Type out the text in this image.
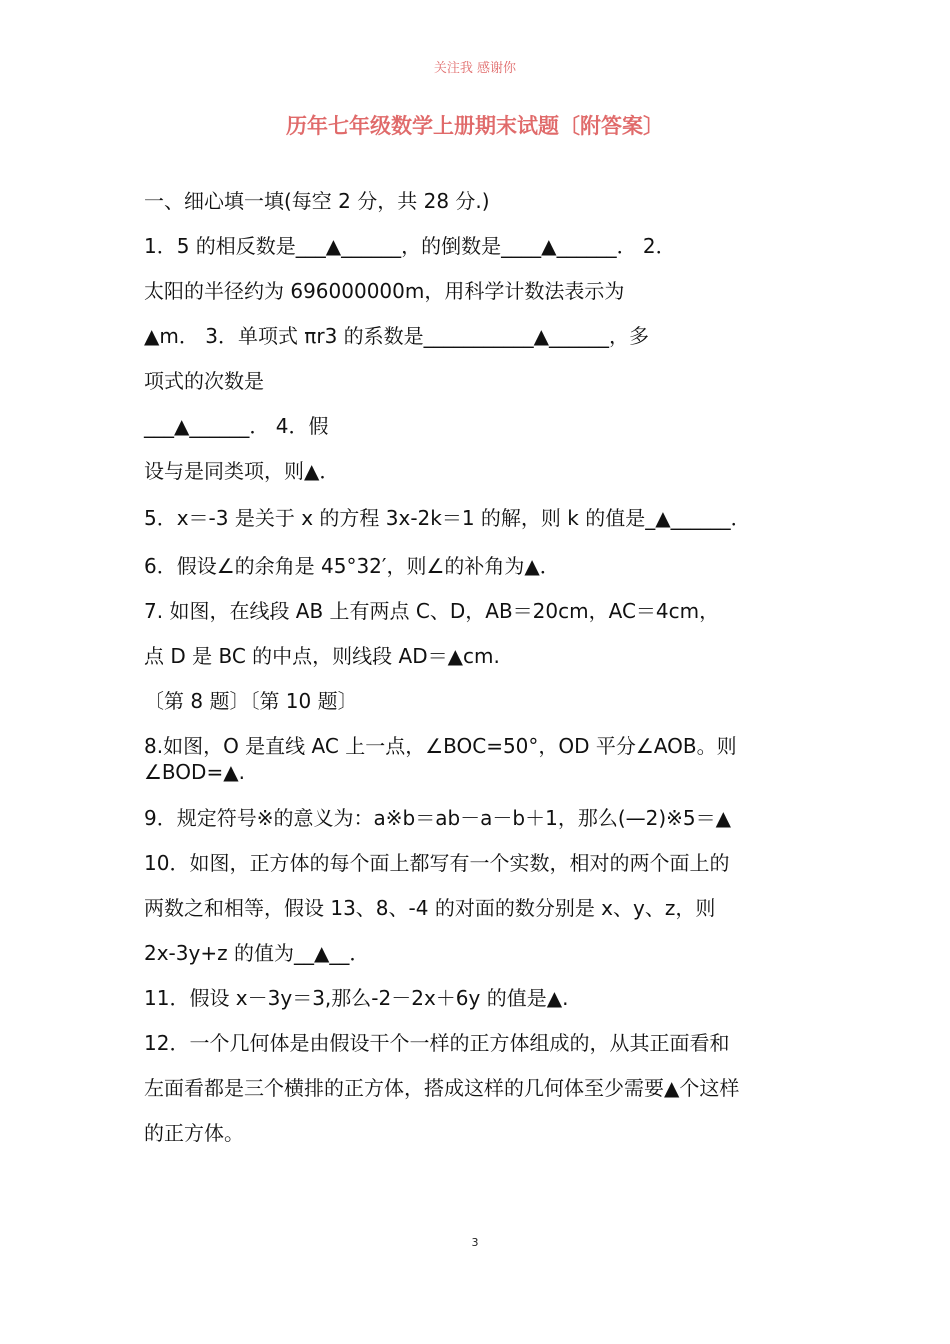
关注我 感谢你
历年七年级数学上册期末试题〔附答案〕
一、细心填一填(每空 2 分，共 28 分.)
1．5 的相反数是___▲______，的倒数是____▲______． 2．
太阳的半径约为 696000000m，用科学计数法表示为
▲m． 3．单项式 πr3 的系数是___________▲______，多
项式的次数是
___▲______． 4．假
设与是同类项，则▲．
5．x＝-3 是关于 x 的方程 3x-2k＝1 的解，则 k 的值是_▲______．
6．假设∠的余角是 45°32′，则∠的补角为▲．
7. 如图，在线段 AB 上有两点 C、D，AB＝20cm，AC＝4cm，
点 D 是 BC 的中点，则线段 AD＝▲cm.
〔第 8 题〕〔第 10 题〕
8.如图，O 是直线 AC 上一点，∠BOC=50°，OD 平分∠AOB。则∠BOD=▲.
9．规定符号※的意义为：a※b＝ab－a－b＋1，那么(—2)※5＝▲
10．如图，正方体的每个面上都写有一个实数，相对的两个面上的
两数之和相等，假设 13、8、-4 的对面的数分别是 x、y、z，则
2x-3y+z 的值为__▲__．
11．假设 x－3y＝3,那么-2－2x＋6y 的值是▲.
12．一个几何体是由假设干个一样的正方体组成的，从其正面看和
左面看都是三个横排的正方体，搭成这样的几何体至少需要▲个这样
的正方体。
3
